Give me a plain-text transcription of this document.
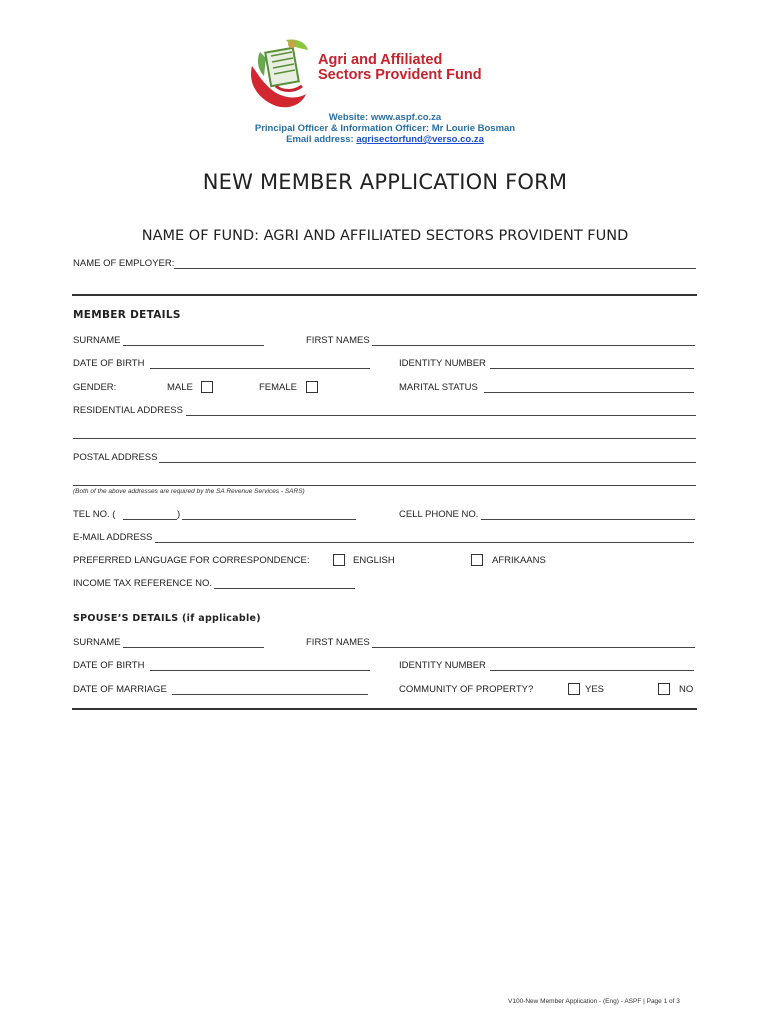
Agri and Affiliated
Sectors Provident Fund
Website: www.aspf.co.za
Principal Officer & Information Officer: Mr Lourie Bosman
Email address: agrisectorfund@verso.co.za
NEW MEMBER APPLICATION FORM
NAME OF FUND: AGRI AND AFFILIATED SECTORS PROVIDENT FUND
NAME OF EMPLOYER:
MEMBER DETAILS
SURNAME	FIRST NAMES
DATE OF BIRTH	IDENTITY NUMBER
GENDER:	MALE	FEMALE	MARITAL STATUS
RESIDENTIAL ADDRESS
POSTAL ADDRESS
(Both of the above addresses are required by the SA Revenue Services - SARS)
TEL NO. (	)	CELL PHONE NO.
E-MAIL ADDRESS
PREFERRED LANGUAGE FOR CORRESPONDENCE:	ENGLISH	AFRIKAANS
INCOME TAX REFERENCE NO.
SPOUSE’S DETAILS (if applicable)
SURNAME	FIRST NAMES
DATE OF BIRTH	IDENTITY NUMBER
DATE OF MARRIAGE	COMMUNITY OF PROPERTY?	YES	NO
V100-New Member Application - (Eng) - ASPF | Page 1 of 3
